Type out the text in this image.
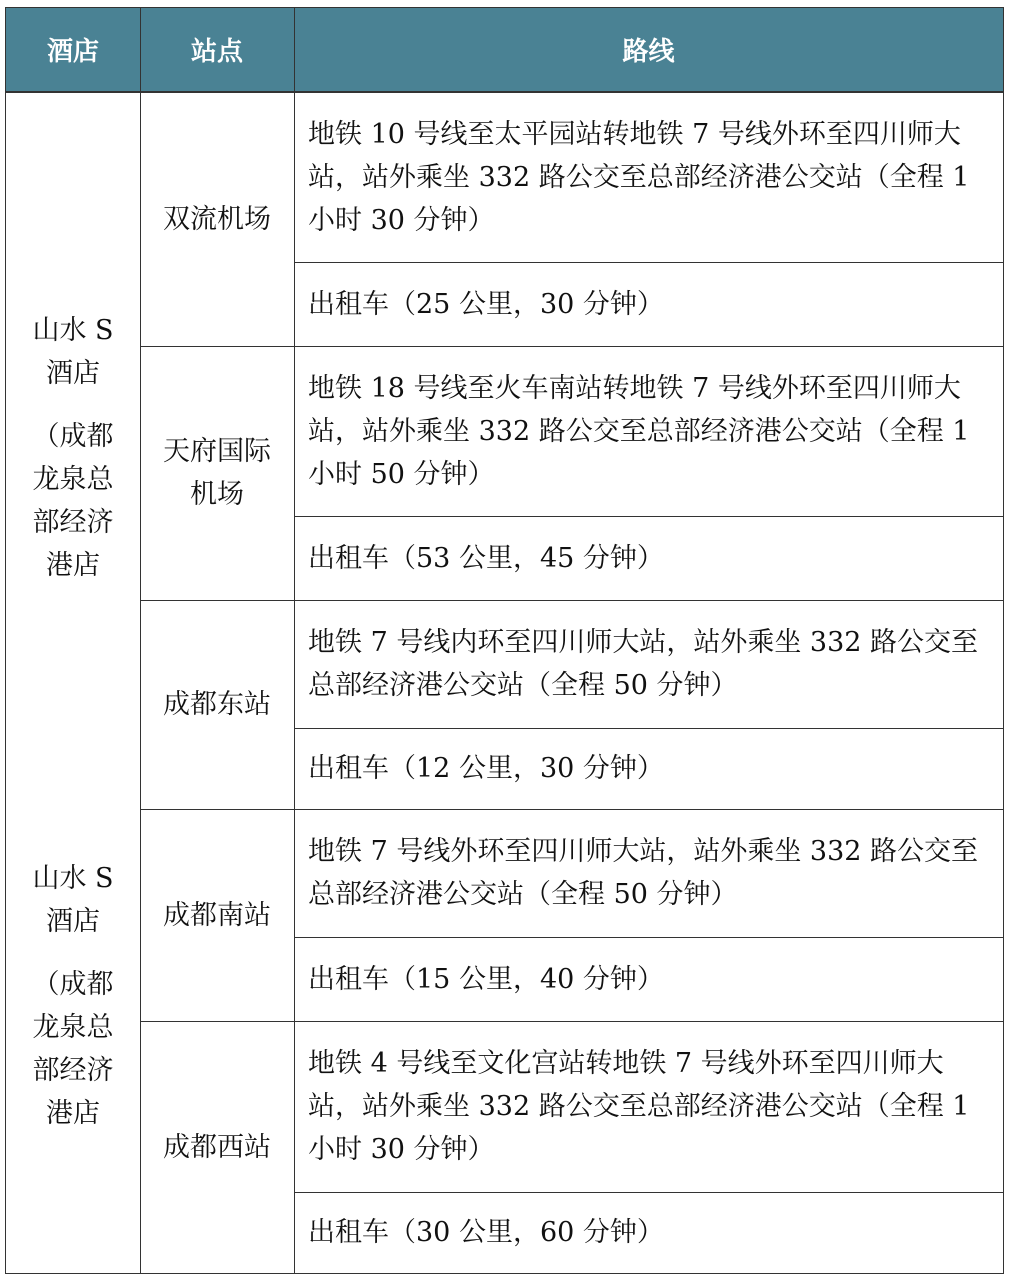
酒店	站点	路线
山水 S
酒店
（成都
龙泉总
部经济
港店
山水 S
酒店
（成都
龙泉总
部经济
港店
双流机场
天府国际
机场
成都东站
成都南站
成都西站
地铁 10 号线至太平园站转地铁 7 号线外环至四川师大站，站外乘坐 332 路公交至总部经济港公交站（全程 1 小时 30 分钟）
出租车（25 公里，30 分钟）
地铁 18 号线至火车南站转地铁 7 号线外环至四川师大站，站外乘坐 332 路公交至总部经济港公交站（全程 1 小时 50 分钟）
出租车（53 公里，45 分钟）
地铁 7 号线内环至四川师大站，站外乘坐 332 路公交至总部经济港公交站（全程 50 分钟）
出租车（12 公里，30 分钟）
地铁 7 号线外环至四川师大站，站外乘坐 332 路公交至总部经济港公交站（全程 50 分钟）
出租车（15 公里，40 分钟）
地铁 4 号线至文化宫站转地铁 7 号线外环至四川师大站，站外乘坐 332 路公交至总部经济港公交站（全程 1 小时 30 分钟）
出租车（30 公里，60 分钟）
